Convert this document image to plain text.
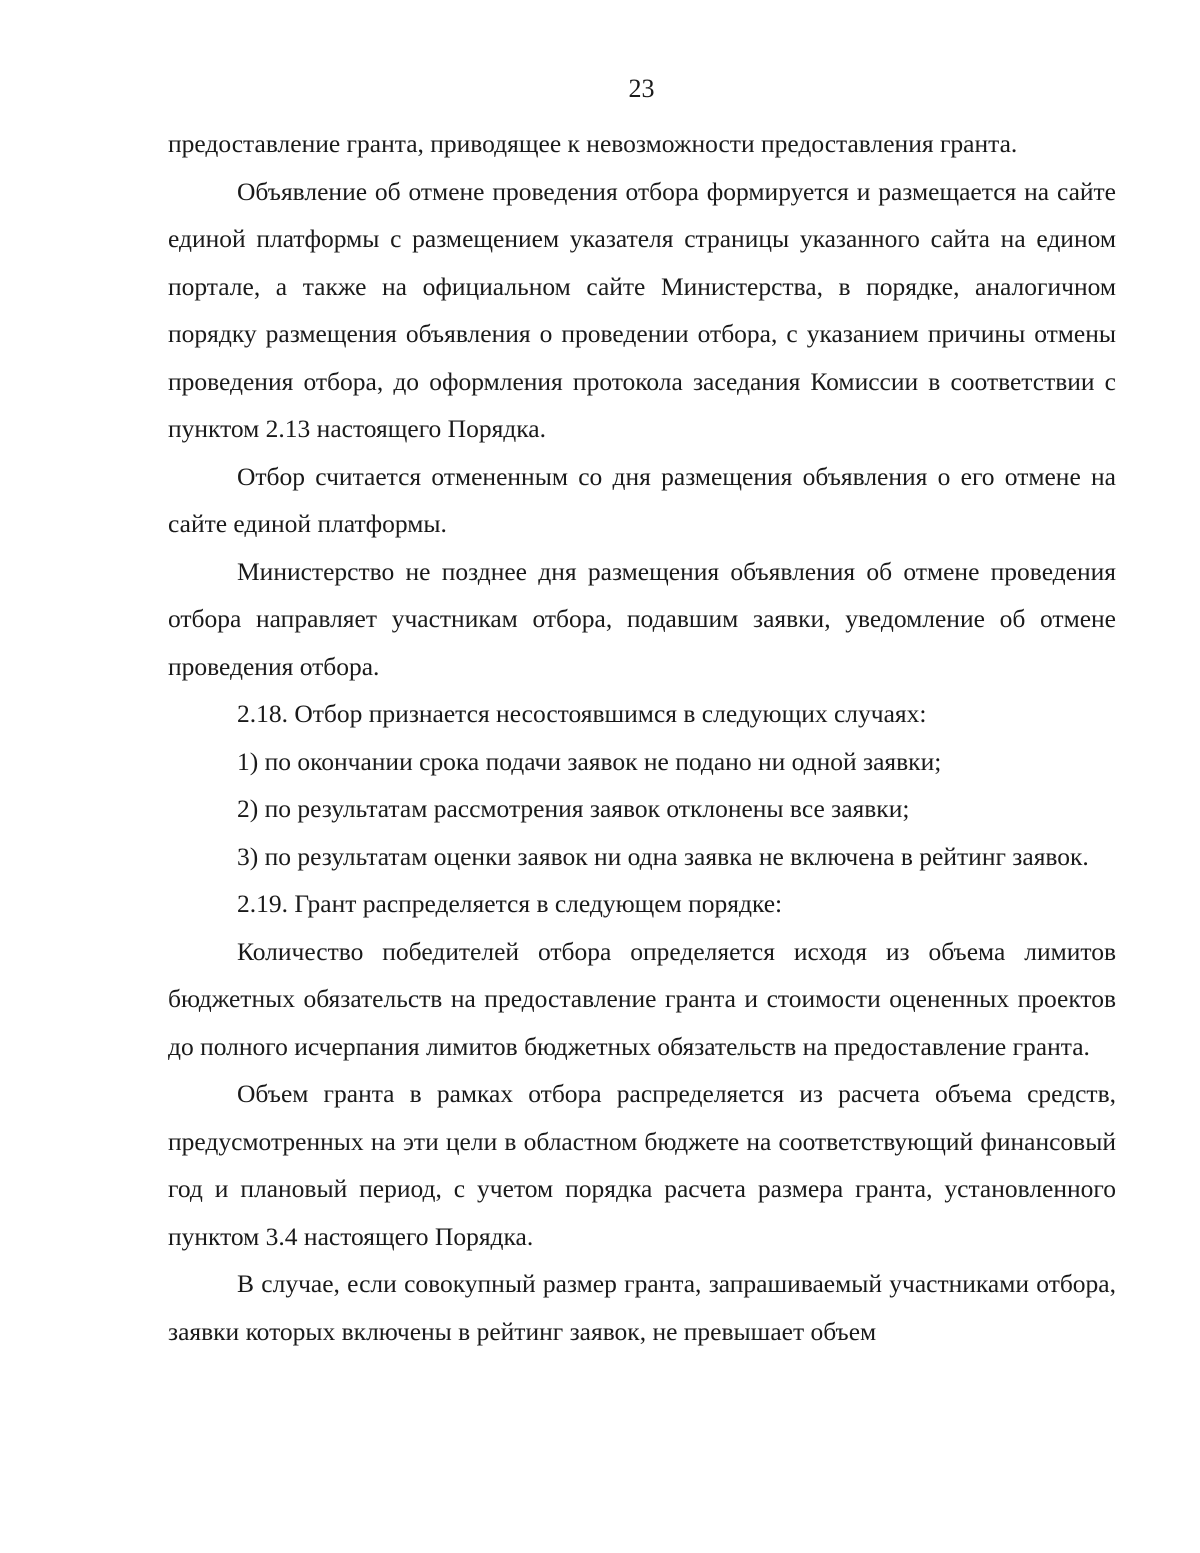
23

предоставление гранта, приводящее к невозможности предоставления гранта.

Объявление об отмене проведения отбора формируется и размещается на сайте единой платформы с размещением указателя страницы указанного сайта на едином портале, а также на официальном сайте Министерства, в порядке, аналогичном порядку размещения объявления о проведении отбора, с указанием причины отмены проведения отбора, до оформления протокола заседания Комиссии в соответствии с пунктом 2.13 настоящего Порядка.

Отбор считается отмененным со дня размещения объявления о его отмене на сайте единой платформы.

Министерство не позднее дня размещения объявления об отмене проведения отбора направляет участникам отбора, подавшим заявки, уведомление об отмене проведения отбора.

2.18. Отбор признается несостоявшимся в следующих случаях:

1) по окончании срока подачи заявок не подано ни одной заявки;

2) по результатам рассмотрения заявок отклонены все заявки;

3) по результатам оценки заявок ни одна заявка не включена в рейтинг заявок.

2.19. Грант распределяется в следующем порядке:

Количество победителей отбора определяется исходя из объема лимитов бюджетных обязательств на предоставление гранта и стоимости оцененных проектов до полного исчерпания лимитов бюджетных обязательств на предоставление гранта.

Объем гранта в рамках отбора распределяется из расчета объема средств, предусмотренных на эти цели в областном бюджете на соответствующий финансовый год и плановый период, с учетом порядка расчета размера гранта, установленного пунктом 3.4 настоящего Порядка.

В случае, если совокупный размер гранта, запрашиваемый участниками отбора, заявки которых включены в рейтинг заявок, не превышает объем
